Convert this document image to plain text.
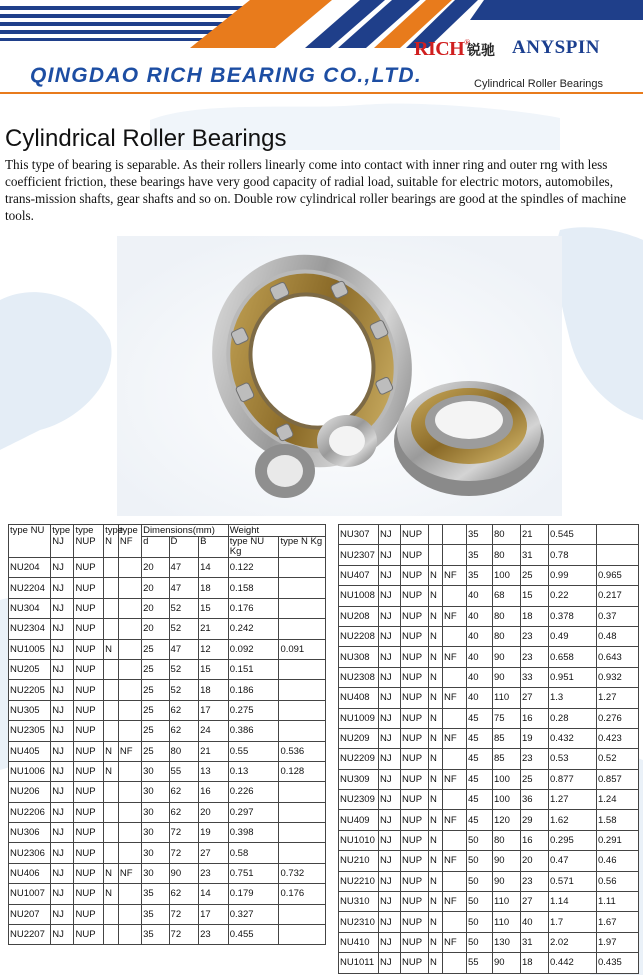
RICH®
锐驰 ANYSPIN
QINGDAO RICH BEARING CO.,LTD.	Cylindrical Roller Bearings
Cylindrical Roller Bearings
This type of bearing is separable. As their rollers linearly come into contact with inner ring and outer rng with less coefficient friction, these bearings have very good capacity of radial load, suitable for electric motors, automobiles, trans-mission shafts, gear shafts and so on. Double row cylindrical roller bearings are good at the spindles of machine tools.
type NU	type NJ	type NUP	type N	type NF	Dimensions(mm)			Weight	
					d	D	B	type NU Kg	type N Kg
NU204	NJ	NUP			20	47	14	0.122	
NU2204	NJ	NUP			20	47	18	0.158	
NU304	NJ	NUP			20	52	15	0.176	
NU2304	NJ	NUP			20	52	21	0.242	
NU1005	NJ	NUP	N		25	47	12	0.092	0.091
NU205	NJ	NUP			25	52	15	0.151	
NU2205	NJ	NUP			25	52	18	0.186	
NU305	NJ	NUP			25	62	17	0.275	
NU2305	NJ	NUP			25	62	24	0.386	
NU405	NJ	NUP	N	NF	25	80	21	0.55	0.536
NU1006	NJ	NUP	N		30	55	13	0.13	0.128
NU206	NJ	NUP			30	62	16	0.226	
NU2206	NJ	NUP			30	62	20	0.297	
NU306	NJ	NUP			30	72	19	0.398	
NU2306	NJ	NUP			30	72	27	0.58	
NU406	NJ	NUP	N	NF	30	90	23	0.751	0.732
NU1007	NJ	NUP	N		35	62	14	0.179	0.176
NU207	NJ	NUP			35	72	17	0.327	
NU2207	NJ	NUP			35	72	23	0.455	
NU307	NJ	NUP			35	80	21	0.545	
NU2307	NJ	NUP			35	80	31	0.78	
NU407	NJ	NUP	N	NF	35	100	25	0.99	0.965
NU1008	NJ	NUP	N		40	68	15	0.22	0.217
NU208	NJ	NUP	N	NF	40	80	18	0.378	0.37
NU2208	NJ	NUP	N		40	80	23	0.49	0.48
NU308	NJ	NUP	N	NF	40	90	23	0.658	0.643
NU2308	NJ	NUP	N		40	90	33	0.951	0.932
NU408	NJ	NUP	N	NF	40	110	27	1.3	1.27
NU1009	NJ	NUP	N		45	75	16	0.28	0.276
NU209	NJ	NUP	N	NF	45	85	19	0.432	0.423
NU2209	NJ	NUP	N		45	85	23	0.53	0.52
NU309	NJ	NUP	N	NF	45	100	25	0.877	0.857
NU2309	NJ	NUP	N		45	100	36	1.27	1.24
NU409	NJ	NUP	N	NF	45	120	29	1.62	1.58
NU1010	NJ	NUP	N		50	80	16	0.295	0.291
NU210	NJ	NUP	N	NF	50	90	20	0.47	0.46
NU2210	NJ	NUP	N		50	90	23	0.571	0.56
NU310	NJ	NUP	N	NF	50	110	27	1.14	1.11
NU2310	NJ	NUP	N		50	110	40	1.7	1.67
NU410	NJ	NUP	N	NF	50	130	31	2.02	1.97
NU1011	NJ	NUP	N		55	90	18	0.442	0.435
